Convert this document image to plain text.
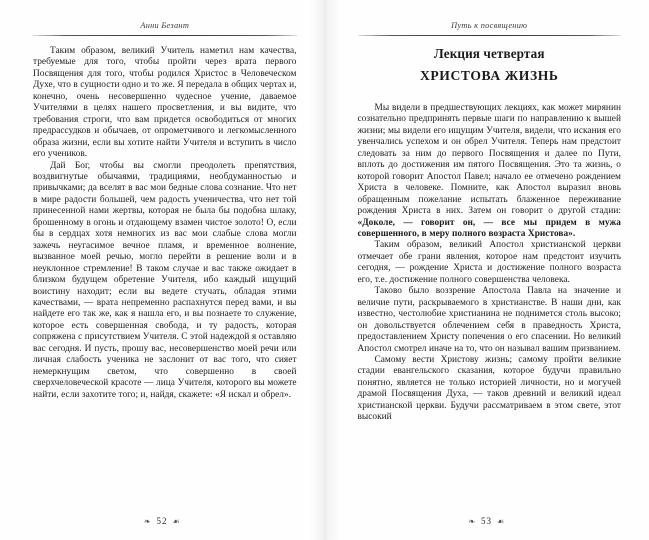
Анни Безант

Таким образом, великий Учитель наметил нам качества, требуемые для того, чтобы пройти через врата первого Посвящения для того, чтобы родился Христос в Человеческом Духе, что в сущности одно и то же. Я передала в общих чертах и, конечно, очень несовершенно чудесное учение, даваемое Учителями в целях нашего просветления, и вы видите, что требования строги, что вам придется освободиться от многих предрассудков и обычаев, от опрометчивого и легкомысленного образа жизни, если вы хотите найти Учителя и вступить в число его учеников.

Дай Бог, чтобы вы смогли преодолеть препятствия, воздвигнутые обычаями, традициями, необдуманностью и привычками; да вселят в вас мои бедные слова сознание. Что нет в мире радости большей, чем радость ученичества, что нет той принесенной нами жертвы, которая не была бы подобна шлаку, брошенному в огонь и отдающему взамен чистое золото! О, если бы в сердцах хотя немногих из вас мои слабые слова могли зажечь неугасимое вечное пламя, и временное волнение, вызванное моей речью, могло перейти в решение воли и в неуклонное стремление! В таком случае и вас также ожидает в близком будущем обретение Учителя, ибо каждый ищущий воистину находит; если вы ведете стучать, обладая этими качествами, — врата непременно распахнутся перед вами, и вы найдете его так же, как я нашла его, и вы познаете то служение, которое есть совершенная свобода, и ту радость, которая сопряжена с присутствием Учителя. С этой надеждой я оставляю вас сегодня. И пусть, прошу вас, несовершенство моей речи или личная слабость ученика не заслонит от вас того, что сияет немеркнущим светом, что совершенно в своей сверхчеловеческой красоте — лица Учителя, которого вы можете найти, если захотите того; и, найдя, скажете: «Я искал и обрел».

❧ 52 ☙
Путь к посвящению
Лекция четвертая
ХРИСТОВА ЖИЗНЬ

Мы видели в предшествующих лекциях, как может мирянин сознательно предпринять первые шаги по направлению к вышей жизни; мы видели его ищущим Учителя, видели, что искания его увенчались успехом и он обрел Учителя. Теперь нам предстоит следовать за ним до первого Посвящения и далее по Пути, вплоть до достижения им пятого Посвящения. Это та жизнь, о которой говорит Апостол Павел; начало ее отмечено рождением Христа в человеке. Помните, как Апостол выразил вновь обращенным пожелание испытать блаженное переживание рождения Христа в них. Затем он говорит о другой стадии: «Доколе, — говорит он, — все мы придем в мужа совершенного, в меру полного возраста Христова».

Таким образом, великий Апостол христианской церкви отмечает обе грани явления, которое нам предстоит изучить сегодня, — рождение Христа и достижение полного возраста его, т.е. достижение полного совершенства человека.

Таково было воззрение Апостола Павла на значение и величие пути, раскрываемого в христианстве. В наши дни, как известно, честолюбие христианина не поднимется столь высоко; он довольствуется облечением себя в праведность Христа, предоставлением Христу попечения о его спасении. Но великий Апостол смотрел иначе на то, что он называл вашим призванием.

Самому вести Христову жизнь; самому пройти великие стадии евангельского сказания, которое будучи правильно понятно, является не только историей личности, но и могучей драмой Посвящения Духа, — таков древний и великий идеал христианской церкви. Будучи рассматриваем в этом свете, этот высокий

❧ 53 ☙
